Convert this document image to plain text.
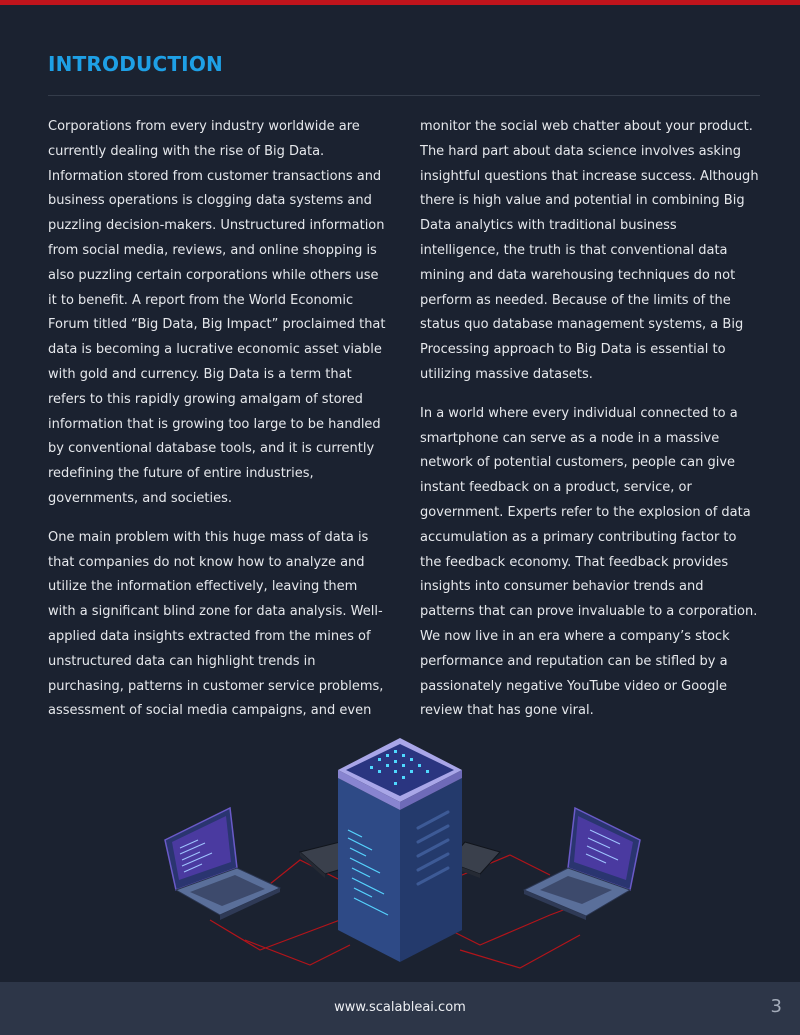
INTRODUCTION

Corporations from every industry worldwide are currently dealing with the rise of Big Data. Information stored from customer transactions and business operations is clogging data systems and puzzling decision-makers. Unstructured information from social media, reviews, and online shopping is also puzzling certain corporations while others use it to benefit. A report from the World Economic Forum titled “Big Data, Big Impact” proclaimed that data is becoming a lucrative economic asset viable with gold and currency. Big Data is a term that refers to this rapidly growing amalgam of stored information that is growing too large to be handled by conventional database tools, and it is currently redefining the future of entire industries, governments, and societies.

One main problem with this huge mass of data is that companies do not know how to analyze and utilize the information effectively, leaving them with a significant blind zone for data analysis. Well-applied data insights extracted from the mines of unstructured data can highlight trends in purchasing, patterns in customer service problems, assessment of social media campaigns, and even

monitor the social web chatter about your product. The hard part about data science involves asking insightful questions that increase success. Although there is high value and potential in combining Big Data analytics with traditional business intelligence, the truth is that conventional data mining and data warehousing techniques do not perform as needed. Because of the limits of the status quo database management systems, a Big Processing approach to Big Data is essential to utilizing massive datasets.

In a world where every individual connected to a smartphone can serve as a node in a massive network of potential customers, people can give instant feedback on a product, service, or government. Experts refer to the explosion of data accumulation as a primary contributing factor to the feedback economy. That feedback provides insights into consumer behavior trends and patterns that can prove invaluable to a corporation. We now live in an era where a company’s stock performance and reputation can be stifled by a passionately negative YouTube video or Google review that has gone viral.

www.scalableai.com	3
